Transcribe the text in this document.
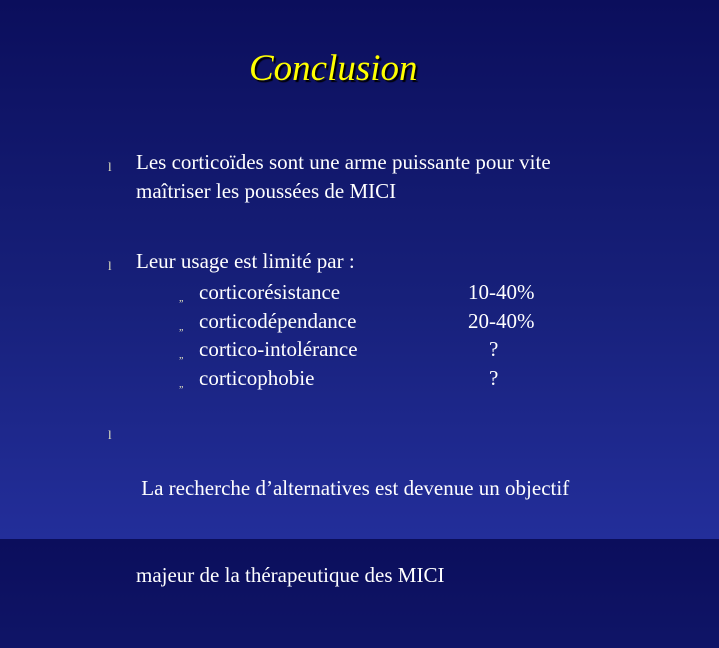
Conclusion
l Les corticoïdes sont une arme puissante pour vite
maîtriser les poussées de MICI
l Leur usage est limité par :
„ corticorésistance	10-40%
„ corticodépendance	20-40%
„ cortico-intolérance	?
„ corticophobie	?
l

La recherche d’alternatives est devenue un objectif

majeur de la thérapeutique des MICI
